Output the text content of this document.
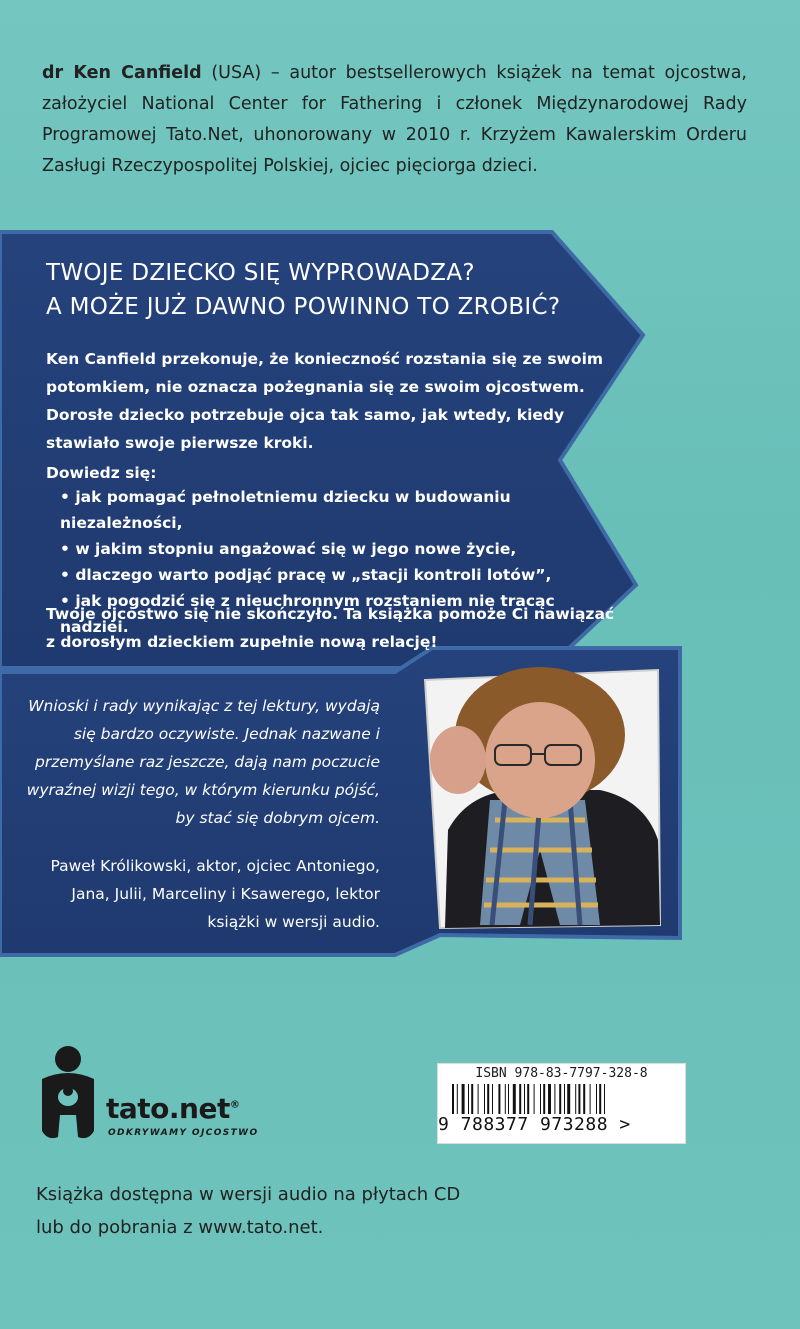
dr Ken Canfield (USA) – autor bestsellerowych książek na temat ojcostwa, założyciel National Center for Fathering i członek Międzynarodowej Rady Programowej Tato.Net, uhonorowany w 2010 r. Krzyżem Kawalerskim Orderu Zasługi Rzeczypospolitej Polskiej, ojciec pięciorga dzieci.
TWOJE DZIECKO SIĘ WYPROWADZA?
A MOŻE JUŻ DAWNO POWINNO TO ZROBIĆ?
Ken Canfield przekonuje, że konieczność rozstania się ze swoim potomkiem, nie oznacza pożegnania się ze swoim ojcostwem. Dorosłe dziecko potrzebuje ojca tak samo, jak wtedy, kiedy stawiało swoje pierwsze kroki.
Dowiedz się:
• jak pomagać pełnoletniemu dziecku w budowaniu niezależności,
• w jakim stopniu angażować się w jego nowe życie,
• dlaczego warto podjąć pracę w „stacji kontroli lotów”,
• jak pogodzić się z nieuchronnym rozstaniem nie tracąc nadziei.
Twoje ojcostwo się nie skończyło. Ta książka pomoże Ci nawiązać z dorosłym dzieckiem zupełnie nową relację!
Wnioski i rady wynikając z tej lektury, wydają się bardzo oczywiste. Jednak nazwane i przemyślane raz jeszcze, dają nam poczucie wyraźnej wizji tego, w którym kierunku pójść, by stać się dobrym ojcem.
Paweł Królikowski, aktor, ojciec Antoniego, Jana, Julii, Marceliny i Ksawerego, lektor książki w wersji audio.
tato.net®
ODKRYWAMY OJCOSTWO
ISBN 978-83-7797-328-8
9 788377 973288 >
Książka dostępna w wersji audio na płytach CD
lub do pobrania z www.tato.net.
